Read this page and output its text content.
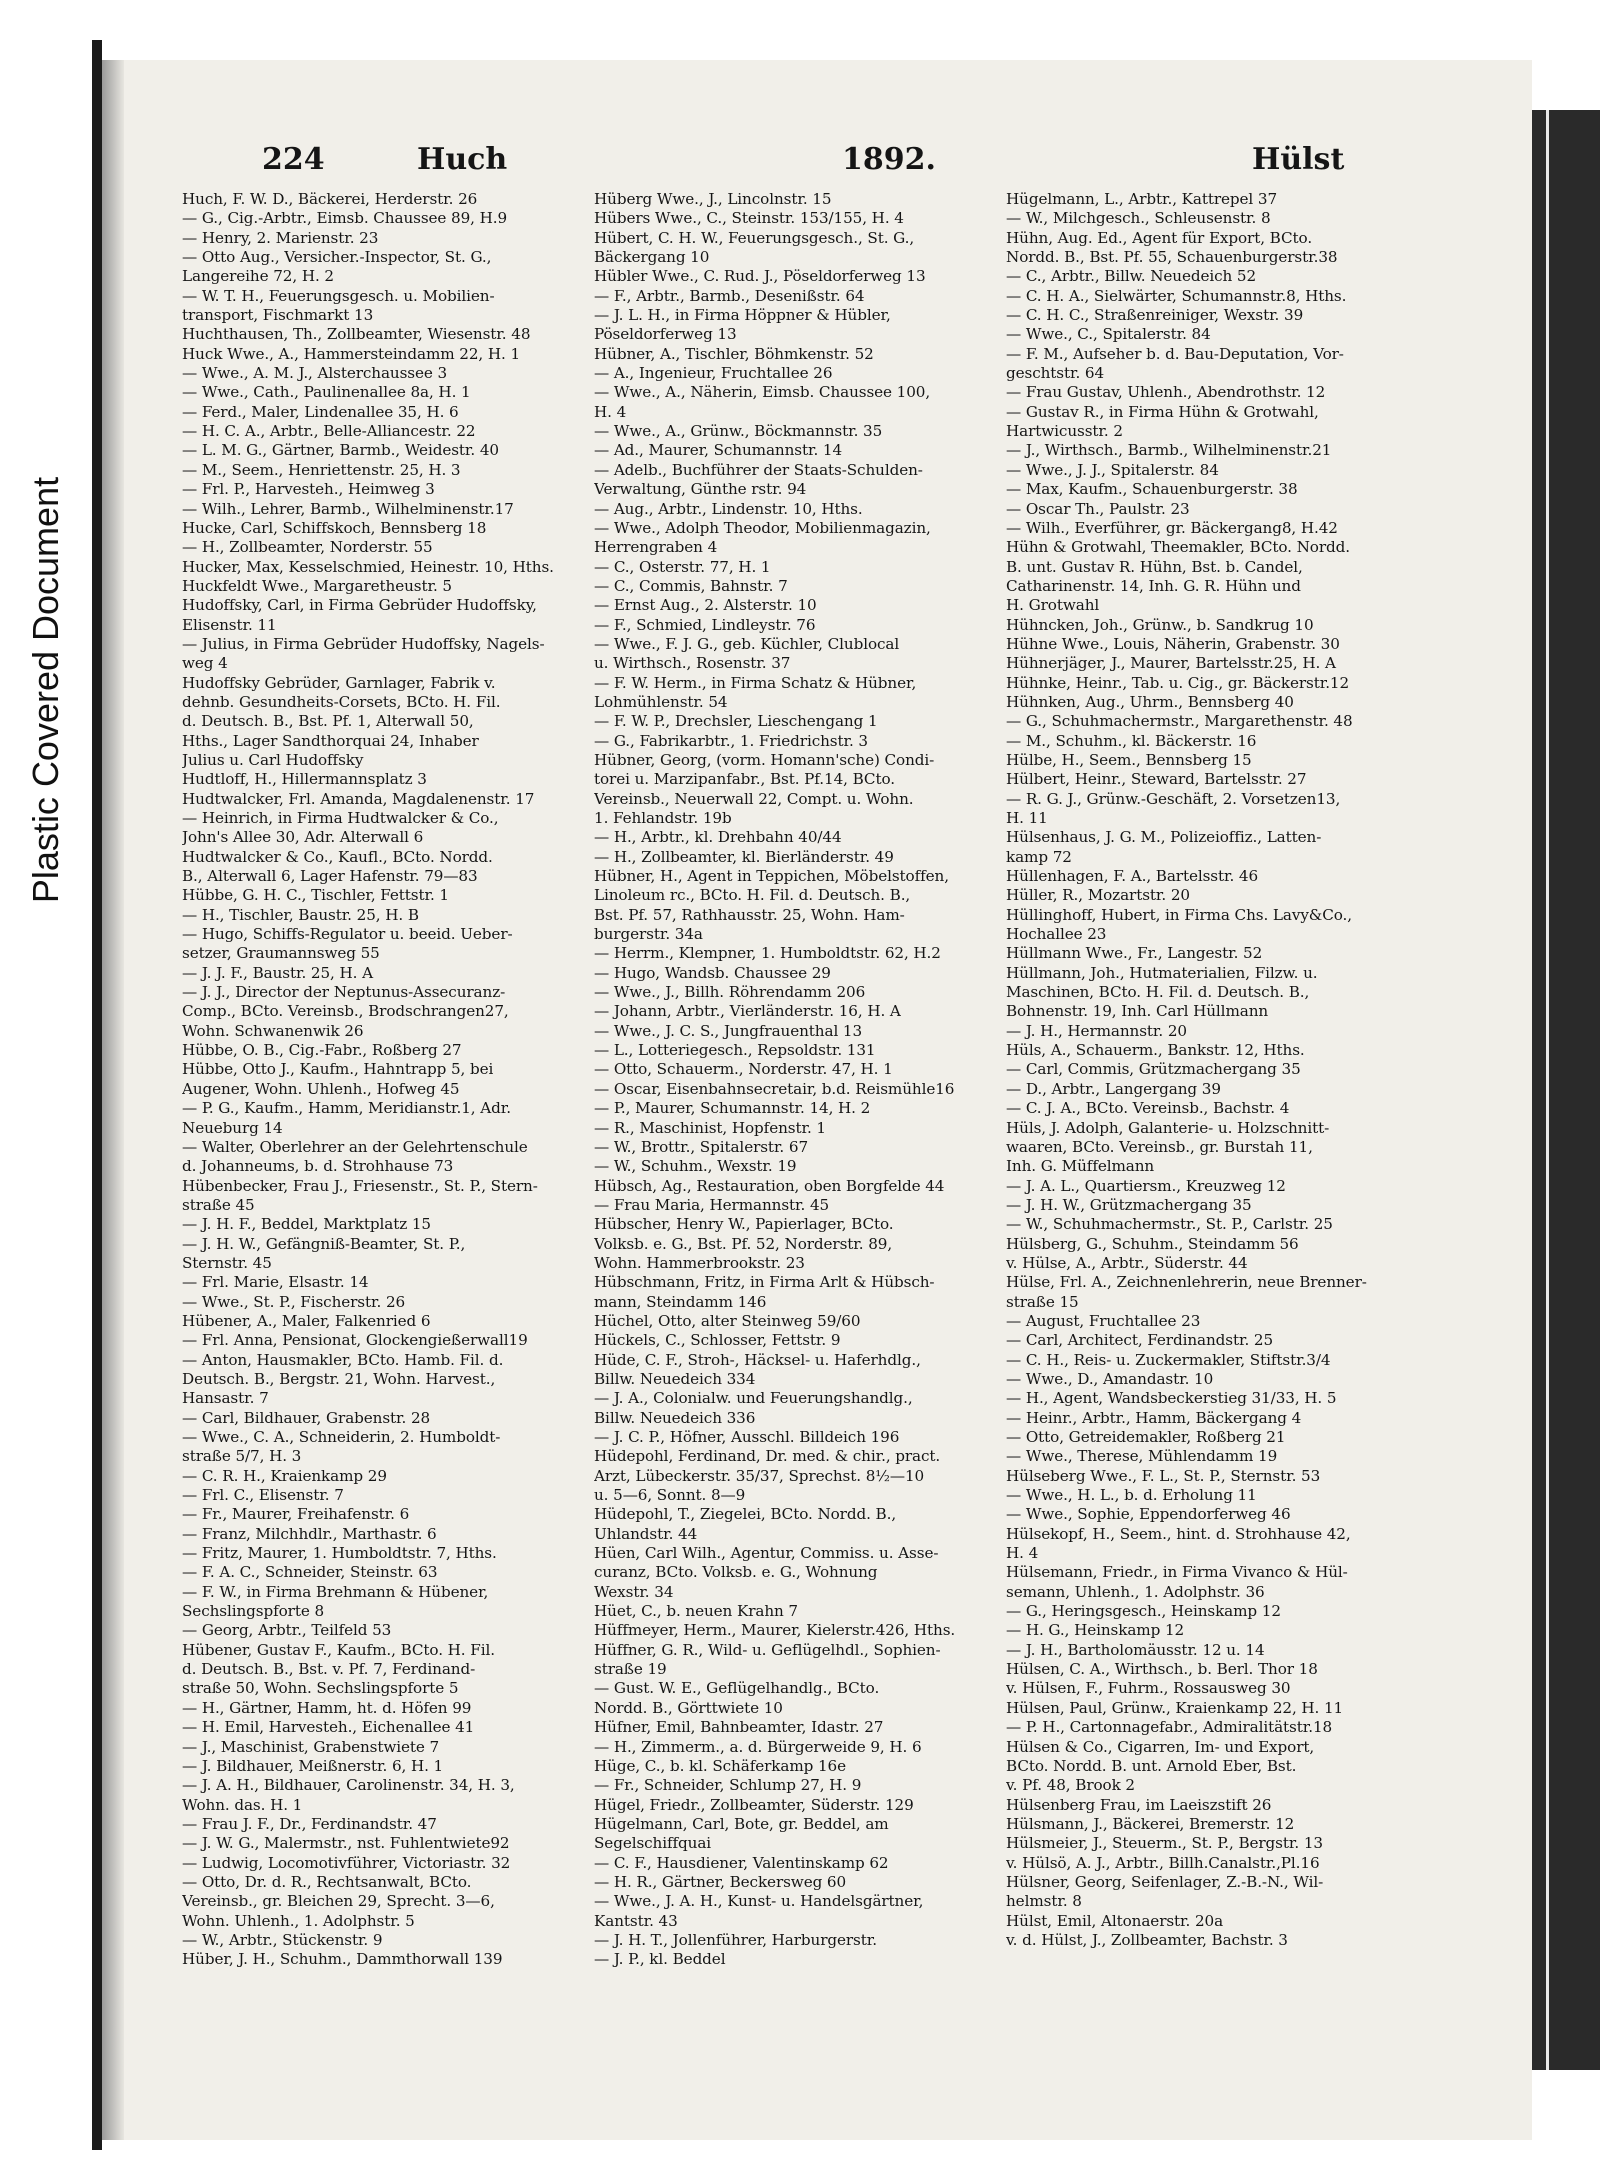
Plastic Covered Document
224	Huch	1892.	Hülst
Huch, F. W. D., Bäckerei, Herderstr. 26
— G., Cig.-Arbtr., Eimsb. Chaussee 89, H.9
— Henry, 2. Marienstr. 23
— Otto Aug., Versicher.-Inspector, St. G.,
Langereihe 72, H. 2
— W. T. H., Feuerungsgesch. u. Mobilien-
transport, Fischmarkt 13
Huchthausen, Th., Zollbeamter, Wiesenstr. 48
Huck Wwe., A., Hammersteindamm 22, H. 1
— Wwe., A. M. J., Alsterchaussee 3
— Wwe., Cath., Paulinenallee 8a, H. 1
— Ferd., Maler, Lindenallee 35, H. 6
— H. C. A., Arbtr., Belle-Alliancestr. 22
— L. M. G., Gärtner, Barmb., Weidestr. 40
— M., Seem., Henriettenstr. 25, H. 3
— Frl. P., Harvesteh., Heimweg 3
— Wilh., Lehrer, Barmb., Wilhelminenstr.17
Hucke, Carl, Schiffskoch, Bennsberg 18
— H., Zollbeamter, Norderstr. 55
Hucker, Max, Kesselschmied, Heinestr. 10, Hths.
Huckfeldt Wwe., Margaretheustr. 5
Hudoffsky, Carl, in Firma Gebrüder Hudoffsky,
Elisenstr. 11
— Julius, in Firma Gebrüder Hudoffsky, Nagels-
weg 4
Hudoffsky Gebrüder, Garnlager, Fabrik v.
dehnb. Gesundheits-Corsets, BCto. H. Fil.
d. Deutsch. B., Bst. Pf. 1, Alterwall 50,
Hths., Lager Sandthorquai 24, Inhaber
Julius u. Carl Hudoffsky
Hudtloff, H., Hillermannsplatz 3
Hudtwalcker, Frl. Amanda, Magdalenenstr. 17
— Heinrich, in Firma Hudtwalcker & Co.,
John's Allee 30, Adr. Alterwall 6
Hudtwalcker & Co., Kaufl., BCto. Nordd.
B., Alterwall 6, Lager Hafenstr. 79—83
Hübbe, G. H. C., Tischler, Fettstr. 1
— H., Tischler, Baustr. 25, H. B
— Hugo, Schiffs-Regulator u. beeid. Ueber-
setzer, Graumannsweg 55
— J. J. F., Baustr. 25, H. A
— J. J., Director der Neptunus-Assecuranz-
Comp., BCto. Vereinsb., Brodschrangen27,
Wohn. Schwanenwik 26
Hübbe, O. B., Cig.-Fabr., Roßberg 27
Hübbe, Otto J., Kaufm., Hahntrapp 5, bei
Augener, Wohn. Uhlenh., Hofweg 45
— P. G., Kaufm., Hamm, Meridianstr.1, Adr.
Neueburg 14
— Walter, Oberlehrer an der Gelehrtenschule
d. Johanneums, b. d. Strohhause 73
Hübenbecker, Frau J., Friesenstr., St. P., Stern-
straße 45
— J. H. F., Beddel, Marktplatz 15
— J. H. W., Gefängniß-Beamter, St. P.,
Sternstr. 45
— Frl. Marie, Elsastr. 14
— Wwe., St. P., Fischerstr. 26
Hübener, A., Maler, Falkenried 6
— Frl. Anna, Pensionat, Glockengießerwall19
— Anton, Hausmakler, BCto. Hamb. Fil. d.
Deutsch. B., Bergstr. 21, Wohn. Harvest.,
Hansastr. 7
— Carl, Bildhauer, Grabenstr. 28
— Wwe., C. A., Schneiderin, 2. Humboldt-
straße 5/7, H. 3
— C. R. H., Kraienkamp 29
— Frl. C., Elisenstr. 7
— Fr., Maurer, Freihafenstr. 6
— Franz, Milchhdlr., Marthastr. 6
— Fritz, Maurer, 1. Humboldtstr. 7, Hths.
— F. A. C., Schneider, Steinstr. 63
— F. W., in Firma Brehmann & Hübener,
Sechslingspforte 8
— Georg, Arbtr., Teilfeld 53
Hübener, Gustav F., Kaufm., BCto. H. Fil.
d. Deutsch. B., Bst. v. Pf. 7, Ferdinand-
straße 50, Wohn. Sechslingspforte 5
— H., Gärtner, Hamm, ht. d. Höfen 99
— H. Emil, Harvesteh., Eichenallee 41
— J., Maschinist, Grabenstwiete 7
— J. Bildhauer, Meißnerstr. 6, H. 1
— J. A. H., Bildhauer, Carolinenstr. 34, H. 3,
Wohn. das. H. 1
— Frau J. F., Dr., Ferdinandstr. 47
— J. W. G., Malermstr., nst. Fuhlentwiete92
— Ludwig, Locomotivführer, Victoriastr. 32
— Otto, Dr. d. R., Rechtsanwalt, BCto.
Vereinsb., gr. Bleichen 29, Sprecht. 3—6,
Wohn. Uhlenh., 1. Adolphstr. 5
— W., Arbtr., Stückenstr. 9
Hüber, J. H., Schuhm., Dammthorwall 139
Hüberg Wwe., J., Lincolnstr. 15
Hübers Wwe., C., Steinstr. 153/155, H. 4
Hübert, C. H. W., Feuerungsgesch., St. G.,
Bäckergang 10
Hübler Wwe., C. Rud. J., Pöseldorferweg 13
— F., Arbtr., Barmb., Desenißstr. 64
— J. L. H., in Firma Höppner & Hübler,
Pöseldorferweg 13
Hübner, A., Tischler, Böhmkenstr. 52
— A., Ingenieur, Fruchtallee 26
— Wwe., A., Näherin, Eimsb. Chaussee 100,
H. 4
— Wwe., A., Grünw., Böckmannstr. 35
— Ad., Maurer, Schumannstr. 14
— Adelb., Buchführer der Staats-Schulden-
Verwaltung, Günthe rstr. 94
— Aug., Arbtr., Lindenstr. 10, Hths.
— Wwe., Adolph Theodor, Mobilienmagazin,
Herrengraben 4
— C., Osterstr. 77, H. 1
— C., Commis, Bahnstr. 7
— Ernst Aug., 2. Alsterstr. 10
— F., Schmied, Lindleystr. 76
— Wwe., F. J. G., geb. Küchler, Clublocal
u. Wirthsch., Rosenstr. 37
— F. W. Herm., in Firma Schatz & Hübner,
Lohmühlenstr. 54
— F. W. P., Drechsler, Lieschengang 1
— G., Fabrikarbtr., 1. Friedrichstr. 3
Hübner, Georg, (vorm. Homann'sche) Condi-
torei u. Marzipanfabr., Bst. Pf.14, BCto.
Vereinsb., Neuerwall 22, Compt. u. Wohn.
1. Fehlandstr. 19b
— H., Arbtr., kl. Drehbahn 40/44
— H., Zollbeamter, kl. Bierländerstr. 49
Hübner, H., Agent in Teppichen, Möbelstoffen,
Linoleum rc., BCto. H. Fil. d. Deutsch. B.,
Bst. Pf. 57, Rathhausstr. 25, Wohn. Ham-
burgerstr. 34a
— Herrm., Klempner, 1. Humboldtstr. 62, H.2
— Hugo, Wandsb. Chaussee 29
— Wwe., J., Billh. Röhrendamm 206
— Johann, Arbtr., Vierländerstr. 16, H. A
— Wwe., J. C. S., Jungfrauenthal 13
— L., Lotteriegesch., Repsoldstr. 131
— Otto, Schauerm., Norderstr. 47, H. 1
— Oscar, Eisenbahnsecretair, b.d. Reismühle16
— P., Maurer, Schumannstr. 14, H. 2
— R., Maschinist, Hopfenstr. 1
— W., Brottr., Spitalerstr. 67
— W., Schuhm., Wexstr. 19
Hübsch, Ag., Restauration, oben Borgfelde 44
— Frau Maria, Hermannstr. 45
Hübscher, Henry W., Papierlager, BCto.
Volksb. e. G., Bst. Pf. 52, Norderstr. 89,
Wohn. Hammerbrookstr. 23
Hübschmann, Fritz, in Firma Arlt & Hübsch-
mann, Steindamm 146
Hüchel, Otto, alter Steinweg 59/60
Hückels, C., Schlosser, Fettstr. 9
Hüde, C. F., Stroh-, Häcksel- u. Haferhdlg.,
Billw. Neuedeich 334
— J. A., Colonialw. und Feuerungshandlg.,
Billw. Neuedeich 336
— J. C. P., Höfner, Ausschl. Billdeich 196
Hüdepohl, Ferdinand, Dr. med. & chir., pract.
Arzt, Lübeckerstr. 35/37, Sprechst. 8½—10
u. 5—6, Sonnt. 8—9
Hüdepohl, T., Ziegelei, BCto. Nordd. B.,
Uhlandstr. 44
Hüen, Carl Wilh., Agentur, Commiss. u. Asse-
curanz, BCto. Volksb. e. G., Wohnung
Wexstr. 34
Hüet, C., b. neuen Krahn 7
Hüffmeyer, Herm., Maurer, Kielerstr.426, Hths.
Hüffner, G. R., Wild- u. Geflügelhdl., Sophien-
straße 19
— Gust. W. E., Geflügelhandlg., BCto.
Nordd. B., Görttwiete 10
Hüfner, Emil, Bahnbeamter, Idastr. 27
— H., Zimmerm., a. d. Bürgerweide 9, H. 6
Hüge, C., b. kl. Schäferkamp 16e
— Fr., Schneider, Schlump 27, H. 9
Hügel, Friedr., Zollbeamter, Süderstr. 129
Hügelmann, Carl, Bote, gr. Beddel, am
Segelschiffquai
— C. F., Hausdiener, Valentinskamp 62
— H. R., Gärtner, Beckersweg 60
— Wwe., J. A. H., Kunst- u. Handelsgärtner,
Kantstr. 43
— J. H. T., Jollenführer, Harburgerstr.
— J. P., kl. Beddel
Hügelmann, L., Arbtr., Kattrepel 37
— W., Milchgesch., Schleusenstr. 8
Hühn, Aug. Ed., Agent für Export, BCto.
Nordd. B., Bst. Pf. 55, Schauenburgerstr.38
— C., Arbtr., Billw. Neuedeich 52
— C. H. A., Sielwärter, Schumannstr.8, Hths.
— C. H. C., Straßenreiniger, Wexstr. 39
— Wwe., C., Spitalerstr. 84
— F. M., Aufseher b. d. Bau-Deputation, Vor-
geschtstr. 64
— Frau Gustav, Uhlenh., Abendrothstr. 12
— Gustav R., in Firma Hühn & Grotwahl,
Hartwicusstr. 2
— J., Wirthsch., Barmb., Wilhelminenstr.21
— Wwe., J. J., Spitalerstr. 84
— Max, Kaufm., Schauenburgerstr. 38
— Oscar Th., Paulstr. 23
— Wilh., Everführer, gr. Bäckergang8, H.42
Hühn & Grotwahl, Theemakler, BCto. Nordd.
B. unt. Gustav R. Hühn, Bst. b. Candel,
Catharinenstr. 14, Inh. G. R. Hühn und
H. Grotwahl
Hühncken, Joh., Grünw., b. Sandkrug 10
Hühne Wwe., Louis, Näherin, Grabenstr. 30
Hühnerjäger, J., Maurer, Bartelsstr.25, H. A
Hühnke, Heinr., Tab. u. Cig., gr. Bäckerstr.12
Hühnken, Aug., Uhrm., Bennsberg 40
— G., Schuhmachermstr., Margarethenstr. 48
— M., Schuhm., kl. Bäckerstr. 16
Hülbe, H., Seem., Bennsberg 15
Hülbert, Heinr., Steward, Bartelsstr. 27
— R. G. J., Grünw.-Geschäft, 2. Vorsetzen13,
H. 11
Hülsenhaus, J. G. M., Polizeioffiz., Latten-
kamp 72
Hüllenhagen, F. A., Bartelsstr. 46
Hüller, R., Mozartstr. 20
Hüllinghoff, Hubert, in Firma Chs. Lavy&Co.,
Hochallee 23
Hüllmann Wwe., Fr., Langestr. 52
Hüllmann, Joh., Hutmaterialien, Filzw. u.
Maschinen, BCto. H. Fil. d. Deutsch. B.,
Bohnenstr. 19, Inh. Carl Hüllmann
— J. H., Hermannstr. 20
Hüls, A., Schauerm., Bankstr. 12, Hths.
— Carl, Commis, Grützmachergang 35
— D., Arbtr., Langergang 39
— C. J. A., BCto. Vereinsb., Bachstr. 4
Hüls, J. Adolph, Galanterie- u. Holzschnitt-
waaren, BCto. Vereinsb., gr. Burstah 11,
Inh. G. Müffelmann
— J. A. L., Quartiersm., Kreuzweg 12
— J. H. W., Grützmachergang 35
— W., Schuhmachermstr., St. P., Carlstr. 25
Hülsberg, G., Schuhm., Steindamm 56
v. Hülse, A., Arbtr., Süderstr. 44
Hülse, Frl. A., Zeichnenlehrerin, neue Brenner-
straße 15
— August, Fruchtallee 23
— Carl, Architect, Ferdinandstr. 25
— C. H., Reis- u. Zuckermakler, Stiftstr.3/4
— Wwe., D., Amandastr. 10
— H., Agent, Wandsbeckerstieg 31/33, H. 5
— Heinr., Arbtr., Hamm, Bäckergang 4
— Otto, Getreidemakler, Roßberg 21
— Wwe., Therese, Mühlendamm 19
Hülseberg Wwe., F. L., St. P., Sternstr. 53
— Wwe., H. L., b. d. Erholung 11
— Wwe., Sophie, Eppendorferweg 46
Hülsekopf, H., Seem., hint. d. Strohhause 42,
H. 4
Hülsemann, Friedr., in Firma Vivanco & Hül-
semann, Uhlenh., 1. Adolphstr. 36
— G., Heringsgesch., Heinskamp 12
— H. G., Heinskamp 12
— J. H., Bartholomäusstr. 12 u. 14
Hülsen, C. A., Wirthsch., b. Berl. Thor 18
v. Hülsen, F., Fuhrm., Rossausweg 30
Hülsen, Paul, Grünw., Kraienkamp 22, H. 11
— P. H., Cartonnagefabr., Admiralitätstr.18
Hülsen & Co., Cigarren, Im- und Export,
BCto. Nordd. B. unt. Arnold Eber, Bst.
v. Pf. 48, Brook 2
Hülsenberg Frau, im Laeiszstift 26
Hülsmann, J., Bäckerei, Bremerstr. 12
Hülsmeier, J., Steuerm., St. P., Bergstr. 13
v. Hülsö, A. J., Arbtr., Billh.Canalstr.,Pl.16
Hülsner, Georg, Seifenlager, Z.-B.-N., Wil-
helmstr. 8
Hülst, Emil, Altonaerstr. 20a
v. d. Hülst, J., Zollbeamter, Bachstr. 3
